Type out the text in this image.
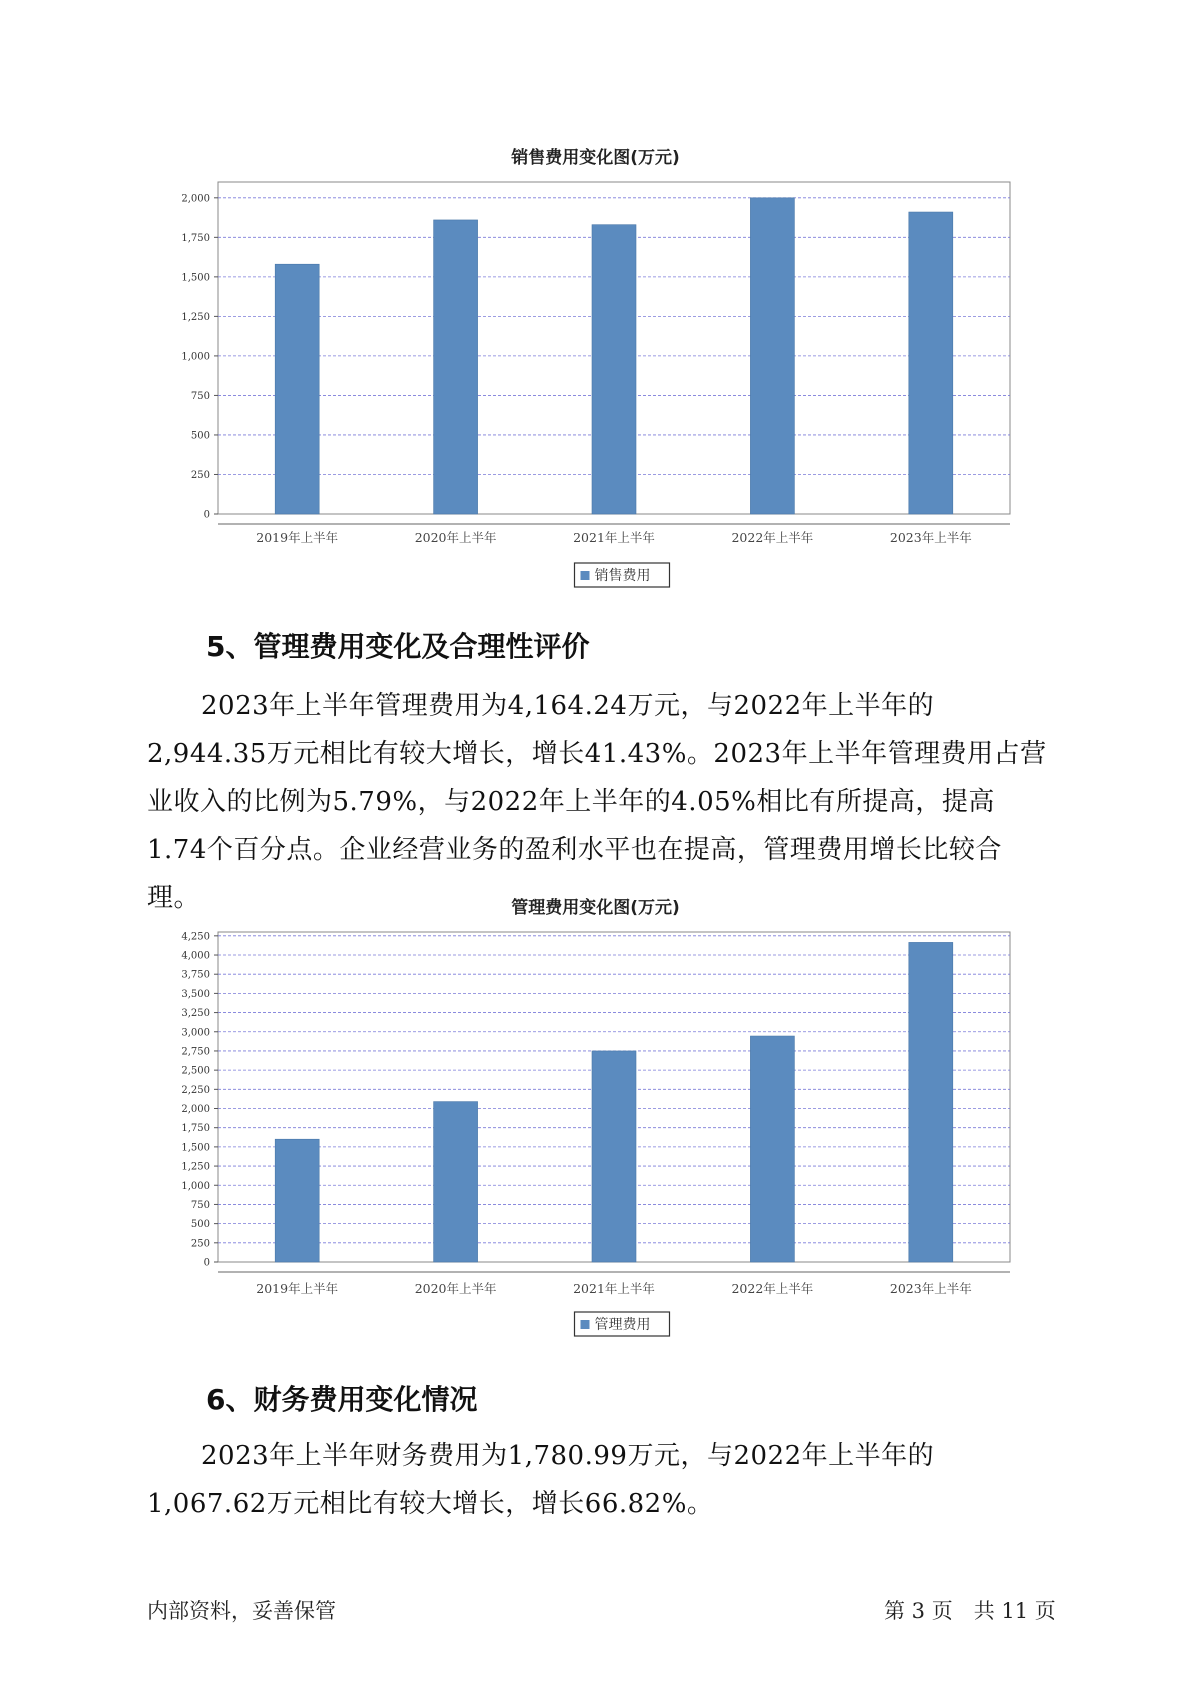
销售费用变化图(万元)
0
250
500
750
1,000
1,250
1,500
1,750
2,000
2019年上半年	2020年上半年	2021年上半年	2022年上半年	2023年上半年
销售费用
5、管理费用变化及合理性评价

2023年上半年管理费用为4,164.24万元，与2022年上半年的2,944.35万元相比有较大增长，增长41.43%。2023年上半年管理费用占营业收入的比例为5.79%，与2022年上半年的4.05%相比有所提高，提高1.74个百分点。企业经营业务的盈利水平也在提高，管理费用增长比较合理。	管理费用变化图(万元)
0
250
500
750
1,000
1,250
1,500
1,750
2,000
2,250
2,500
2,750
3,000
3,250
3,500
3,750
4,000
4,250
2019年上半年	2020年上半年	2021年上半年	2022年上半年	2023年上半年
管理费用
6、财务费用变化情况

2023年上半年财务费用为1,780.99万元，与2022年上半年的1,067.62万元相比有较大增长，增长66.82%。

内部资料，妥善保管	第 3 页　共 11 页
